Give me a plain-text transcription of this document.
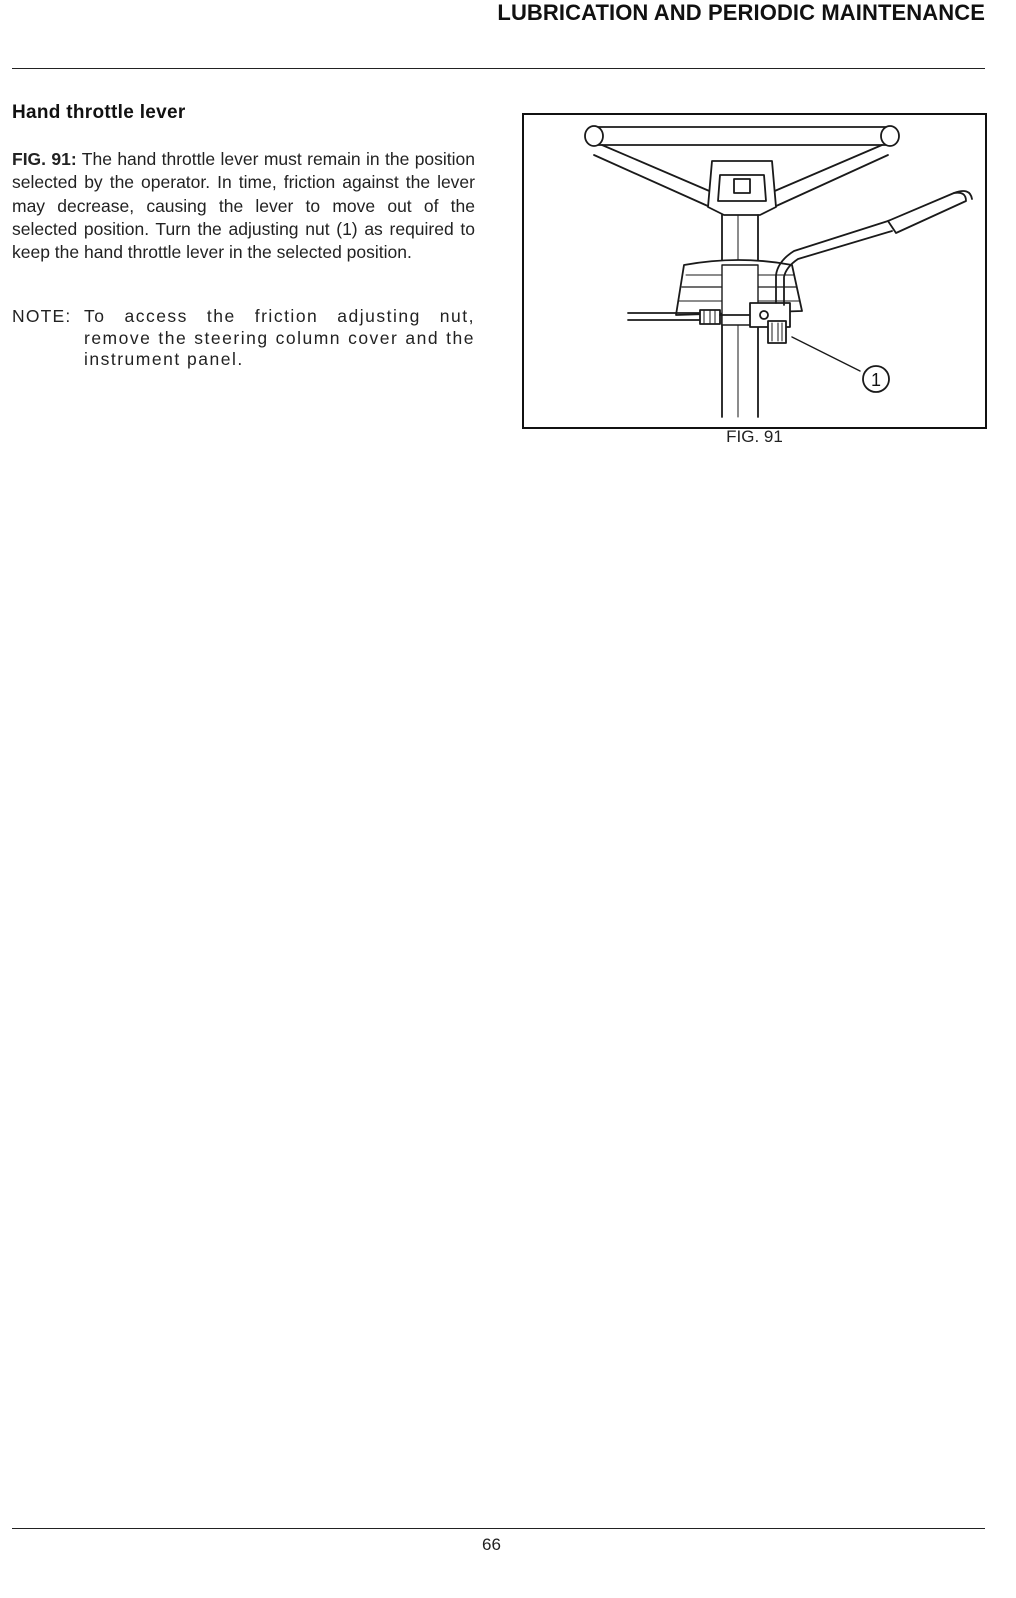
LUBRICATION AND PERIODIC MAINTENANCE
Hand throttle lever

FIG. 91: The hand throttle lever must remain in the position selected by the operator. In time, friction against the lever may decrease, causing the lever to move out of the selected position. Turn the adjusting nut (1) as required to keep the hand throttle lever in the selected position.

NOTE: To access the friction adjusting nut, remove the steering column cover and the instrument panel.
1

FIG. 91

66
